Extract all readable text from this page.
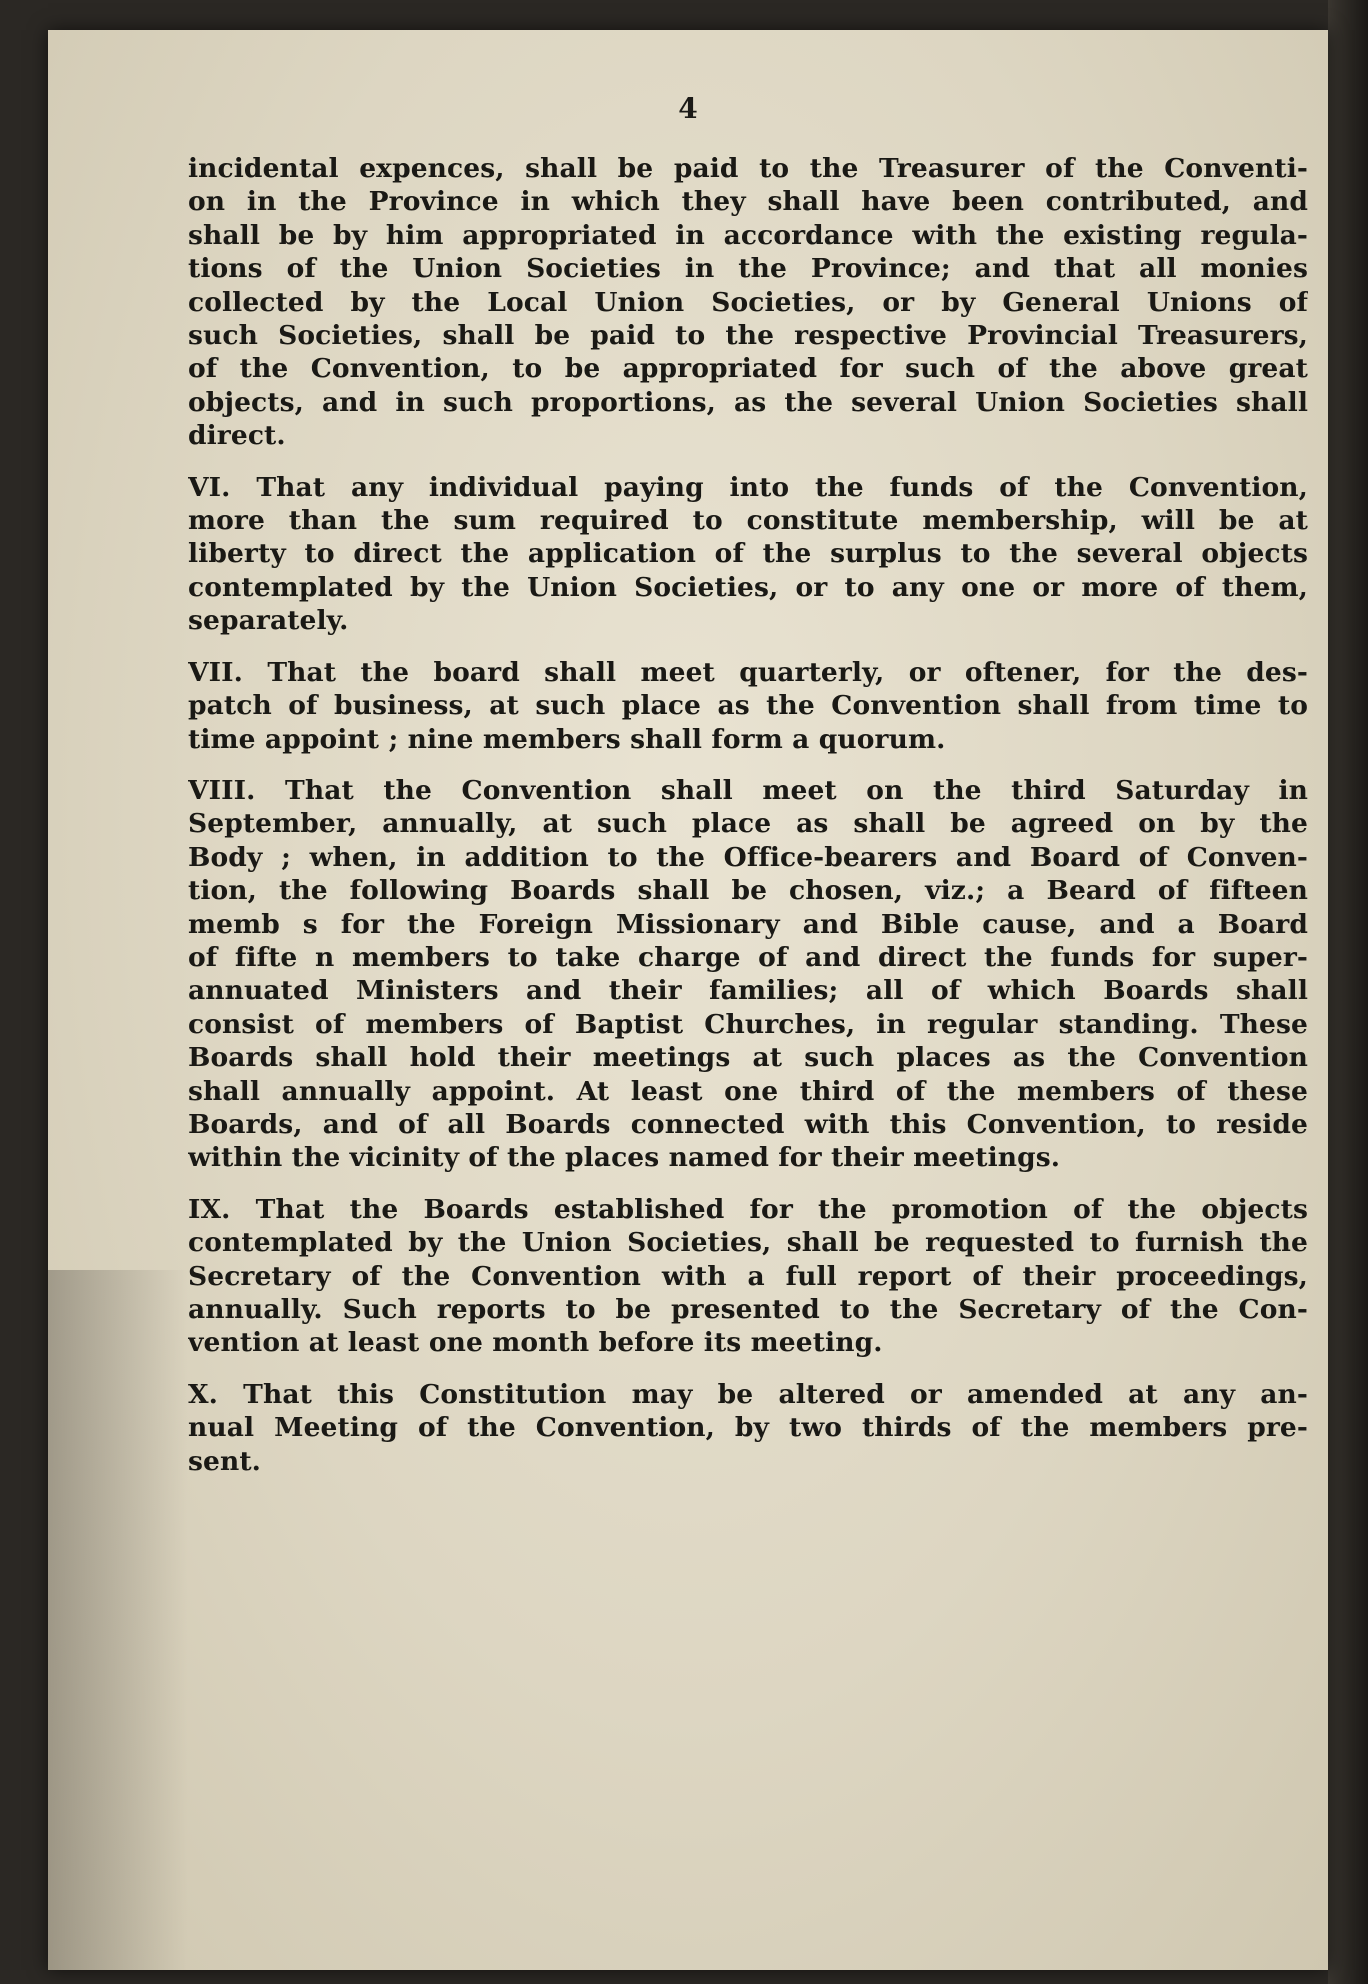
4
incidental expences, shall be paid to the Treasurer of the Conventi-
on in the Province in which they shall have been contributed, and
shall be by him appropriated in accordance with the existing regula-
tions of the Union Societies in the Province; and that all monies
collected by the Local Union Societies, or by General Unions of
such Societies, shall be paid to the respective Provincial Treasurers,
of the Convention, to be appropriated for such of the above great
objects, and in such proportions, as the several Union Societies shall
direct.
VI. That any individual paying into the funds of the Convention,
more than the sum required to constitute membership, will be at
liberty to direct the application of the surplus to the several objects
contemplated by the Union Societies, or to any one or more of them,
separately.
VII. That the board shall meet quarterly, or oftener, for the des-
patch of business, at such place as the Convention shall from time to
time appoint ; nine members shall form a quorum.
VIII. That the Convention shall meet on the third Saturday in
September, annually, at such place as shall be agreed on by the
Body ; when, in addition to the Office-bearers and Board of Conven-
tion, the following Boards shall be chosen, viz.; a Beard of fifteen
memb s for the Foreign Missionary and Bible cause, and a Board
of fifte n members to take charge of and direct the funds for super-
annuated Ministers and their families; all of which Boards shall
consist of members of Baptist Churches, in regular standing. These
Boards shall hold their meetings at such places as the Convention
shall annually appoint. At least one third of the members of these
Boards, and of all Boards connected with this Convention, to reside
within the vicinity of the places named for their meetings.
IX. That the Boards established for the promotion of the objects
contemplated by the Union Societies, shall be requested to furnish the
Secretary of the Convention with a full report of their proceedings,
annually. Such reports to be presented to the Secretary of the Con-
vention at least one month before its meeting.
X. That this Constitution may be altered or amended at any an-
nual Meeting of the Convention, by two thirds of the members pre-
sent.
